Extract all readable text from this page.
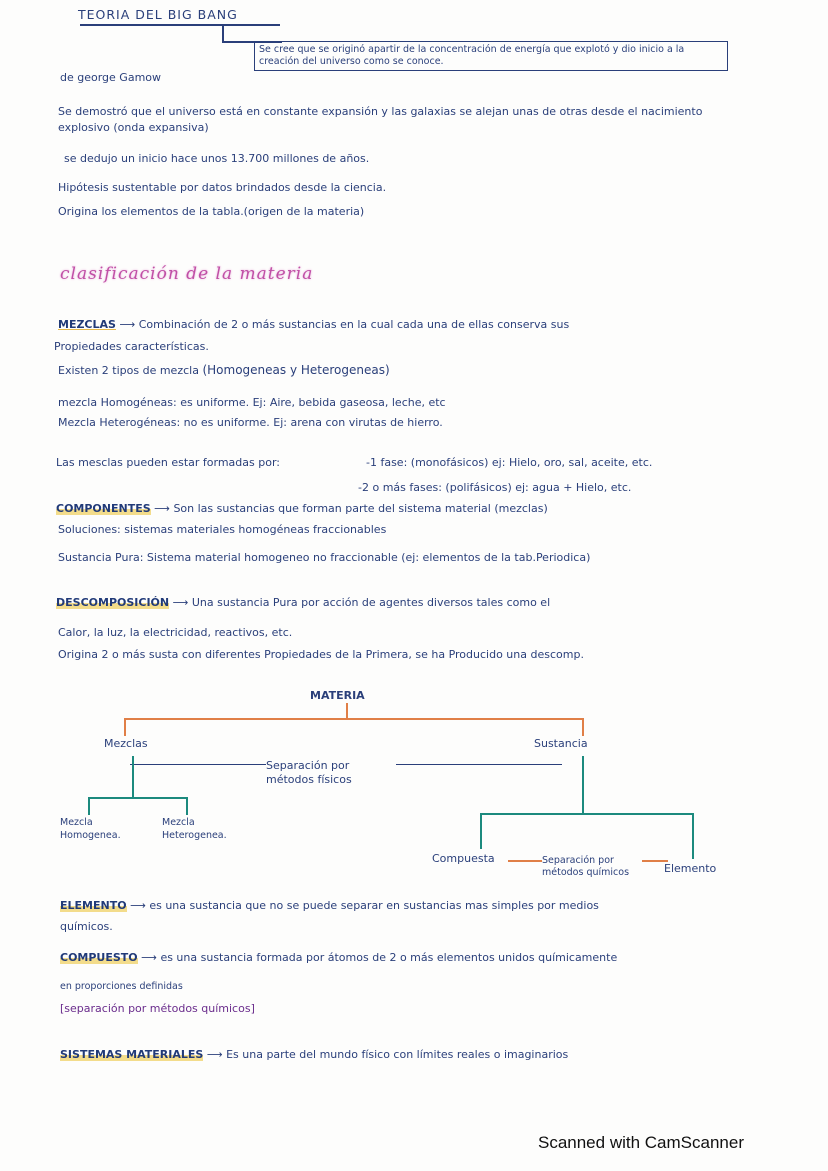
TEORIA DEL BIG BANG
de george Gamow
Se cree que se originó apartir de la concentración de energía que explotó y dio inicio a la creación del universo como se conoce.
Se demostró que el universo está en constante expansión y las galaxias se alejan unas de otras desde el nacimiento explosivo (onda expansiva)
se dedujo un inicio hace unos 13.700 millones de años.
Hipótesis sustentable por datos brindados desde la ciencia.
Origina los elementos de la tabla.(origen de la materia)
clasificación de la materia
MEZCLAS ⟶ Combinación de 2 o más sustancias en la cual cada una de ellas conserva sus
Propiedades características.
Existen 2 tipos de mezcla (Homogeneas y Heterogeneas)
mezcla Homogéneas: es uniforme. Ej: Aire, bebida gaseosa, leche, etc
Mezcla Heterogéneas: no es uniforme. Ej: arena con virutas de hierro.
Las mesclas pueden estar formadas por:	-1 fase: (monofásicos) ej: Hielo, oro, sal, aceite, etc.
-2 o más fases: (polifásicos) ej: agua + Hielo, etc.
COMPONENTES ⟶ Son las sustancias que forman parte del sistema material (mezclas)
Soluciones: sistemas materiales homogéneas fraccionables
Sustancia Pura: Sistema material homogeneo no fraccionable (ej: elementos de la tab.Periodica)
DESCOMPOSICIÓN ⟶ Una sustancia Pura por acción de agentes diversos tales como el
Calor, la luz, la electricidad, reactivos, etc.
Origina 2 o más susta con diferentes Propiedades de la Primera, se ha Producido una descomp.
MATERIA
Mezclas	Sustancia
Separación por métodos físicos
Mezcla Homogenea.
Mezcla Heterogenea.
Compuesta	Separación por métodos químicos	Elemento
ELEMENTO ⟶ es una sustancia que no se puede separar en sustancias mas simples por medios
químicos.
COMPUESTO ⟶ es una sustancia formada por átomos de 2 o más elementos unidos químicamente
en proporciones definidas
[separación por métodos químicos]
SISTEMAS MATERIALES ⟶ Es una parte del mundo físico con límites reales o imaginarios
Scanned with CamScanner
